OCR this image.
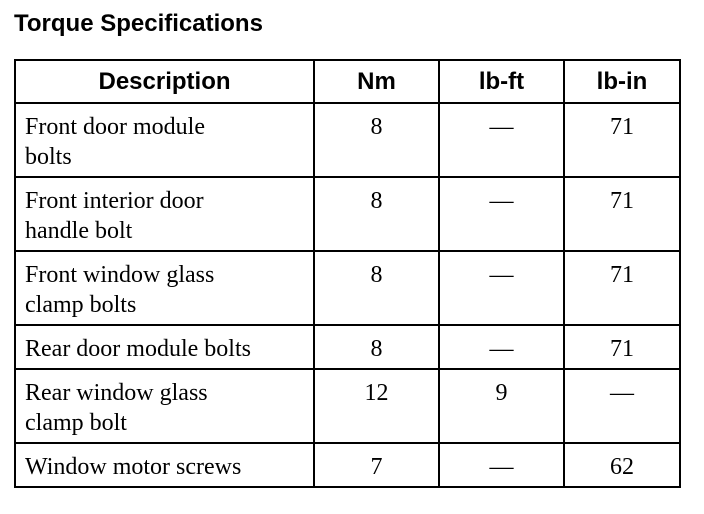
Torque Specifications
Description	Nm	lb-ft	lb-in

Front door module bolts	8	—	71

Front interior door handle bolt	8	—	71

Front window glass clamp bolts	8	—	71
Rear door module bolts	8	—	71

Rear window glass clamp bolt	12	9	—
Window motor screws	7	—	62
